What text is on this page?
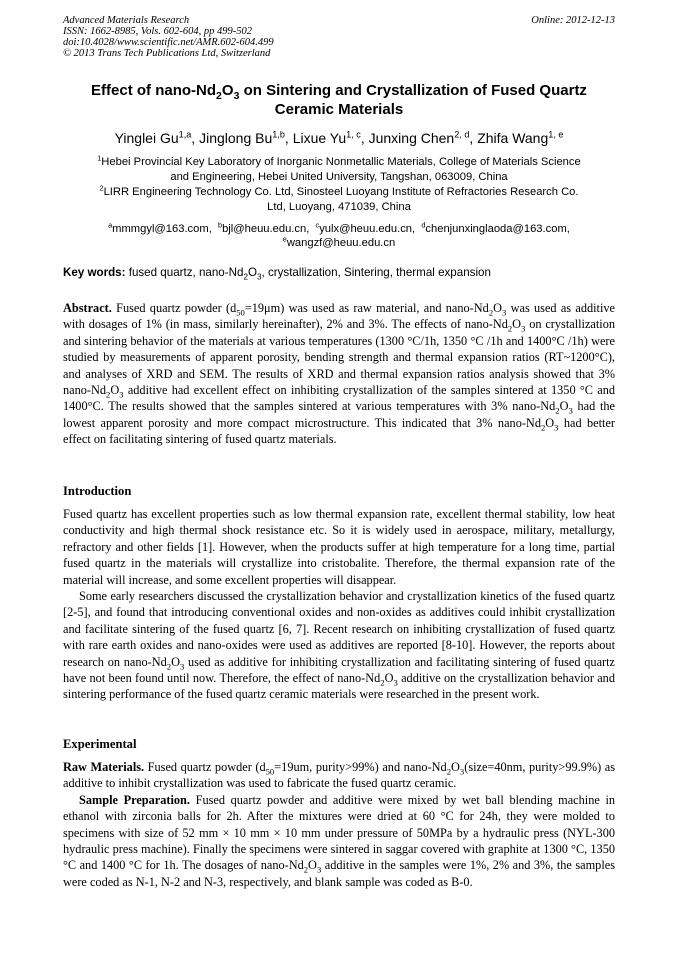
Advanced Materials Research
ISSN: 1662-8985, Vols. 602-604, pp 499-502
doi:10.4028/www.scientific.net/AMR.602-604.499
© 2013 Trans Tech Publications Ltd, Switzerland
Online: 2012-12-13
Effect of nano-$Nd_2O_3$ on Sintering and Crystallization of Fused Quartz
Ceramic Materials
Yinglei Gu$^{1,a}$, Jinglong Bu$^{1,b}$, Lixue Yu$^{1, c}$, Junxing Chen$^{2, d}$, Zhifa Wang$^{1, e}$
$^1$Hebei Provincial Key Laboratory of Inorganic Nonmetallic Materials, College of Materials Science
and Engineering, Hebei United University, Tangshan, 063009, China
$^2$LIRR Engineering Technology Co. Ltd, Sinosteel Luoyang Institute of Refractories Research Co.
Ltd, Luoyang, 471039, China
$^a$mmmgyl@163.com, $^b$bjl@heuu.edu.cn, $^c$yulx@heuu.edu.cn, $^d$chenjunxinglaoda@163.com,
$^e$wangzf@heuu.edu.cn
Key words: fused quartz, nano-$Nd_2O_3$, crystallization, Sintering, thermal expansion
Abstract. Fused quartz powder $(d_{50}=19\mu m)$ was used as raw material, and nano-$Nd_2O_3$ was used as additive with dosages of 1% (in mass, similarly hereinafter), 2% and 3%. The effects of nano-$Nd_2O_3$ on crystallization and sintering behavior of the materials at various temperatures (1300 °C/1h, 1350 °C /1h and 1400°C /1h) were studied by measurements of apparent porosity, bending strength and thermal expansion ratios (RT~1200°C), and analyses of XRD and SEM. The results of XRD and thermal expansion ratios analysis showed that 3% nano-$Nd_2O_3$ additive had excellent effect on inhibiting crystallization of the samples sintered at 1350 °C and 1400°C. The results showed that the samples sintered at various temperatures with 3% nano-$Nd_2O_3$ had the lowest apparent porosity and more compact microstructure. This indicated that 3% nano-$Nd_2O_3$ had better effect on facilitating sintering of fused quartz materials.
Introduction

Fused quartz has excellent properties such as low thermal expansion rate, excellent thermal stability, low heat conductivity and high thermal shock resistance etc. So it is widely used in aerospace, military, metallurgy, refractory and other fields [1]. However, when the products suffer at high temperature for a long time, partial fused quartz in the materials will crystallize into cristobalite. Therefore, the thermal expansion rate of the material will increase, and some excellent properties will disappear.

Some early researchers discussed the crystallization behavior and crystallization kinetics of the fused quartz [2-5], and found that introducing conventional oxides and non-oxides as additives could inhibit crystallization and facilitate sintering of the fused quartz [6, 7]. Recent research on inhibiting crystallization of fused quartz with rare earth oxides and nano-oxides were used as additives are reported [8-10]. However, the reports about research on nano-$Nd_2O_3$ used as additive for inhibiting crystallization and facilitating sintering of fused quartz have not been found until now. Therefore, the effect of nano-$Nd_2O_3$ additive on the crystallization behavior and sintering performance of the fused quartz ceramic materials were researched in the present work.

Experimental

Raw Materials. Fused quartz powder ($d_{50}=19um$, purity>99%) and nano-$Nd_2O_3(size=40nm$, purity>99.9%) as additive to inhibit crystallization was used to fabricate the fused quartz ceramic.

Sample Preparation. Fused quartz powder and additive were mixed by wet ball blending machine in ethanol with zirconia balls for 2h. After the mixtures were dried at 60 °C for 24h, they were molded to specimens with size of 52 mm × 10 mm × 10 mm under pressure of 50MPa by a hydraulic press (NYL-300 hydraulic press machine). Finally the specimens were sintered in saggar covered with graphite at 1300 °C, 1350 °C and 1400 °C for 1h. The dosages of nano-$Nd_2O_3$ additive in the samples were 1%, 2% and 3%, the samples were coded as N-1, N-2 and N-3, respectively, and blank sample was coded as B-0.
